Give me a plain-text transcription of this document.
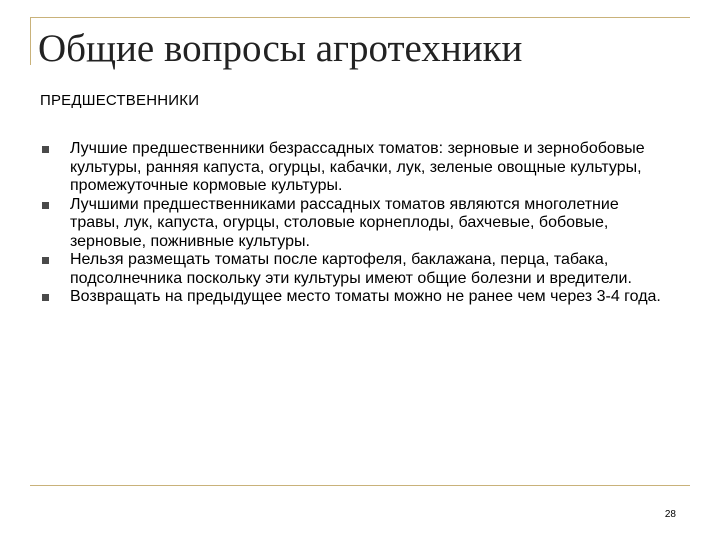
Общие вопросы агротехники
ПРЕДШЕСТВЕННИКИ
Лучшие предшественники безрассадных томатов: зерновые и зернобобовые культуры, ранняя капуста, огурцы, кабачки, лук, зеленые овощные культуры, промежуточные кормовые культуры.
Лучшими предшественниками рассадных томатов являются многолетние травы, лук, капуста, огурцы, столовые корнеплоды, бахчевые, бобовые, зерновые, пожнивные культуры.
Нельзя размещать томаты после картофеля, баклажана, перца, табака, подсолнечника поскольку эти культуры имеют общие болезни и вредители.
Возвращать на предыдущее место томаты можно не ранее чем через 3-4 года.
28
